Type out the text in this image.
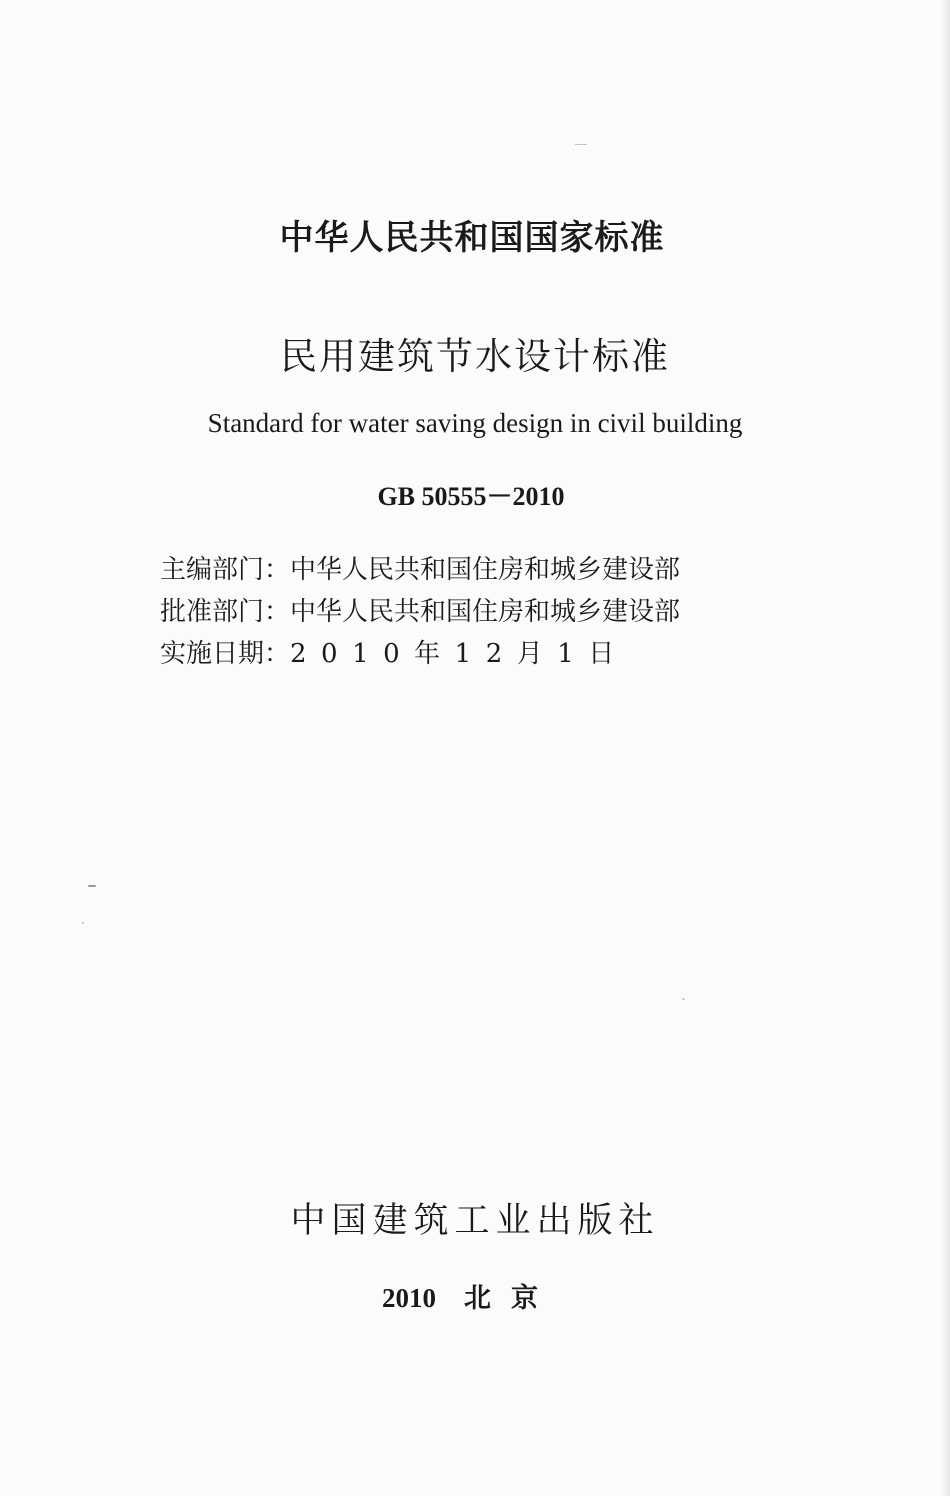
中华人民共和国国家标准
民用建筑节水设计标准
Standard for water saving design in civil building
GB 50555－2010
主编部门：中华人民共和国住房和城乡建设部
批准部门：中华人民共和国住房和城乡建设部
实施日期：2010年12月1日
中国建筑工业出版社
2010 北京
